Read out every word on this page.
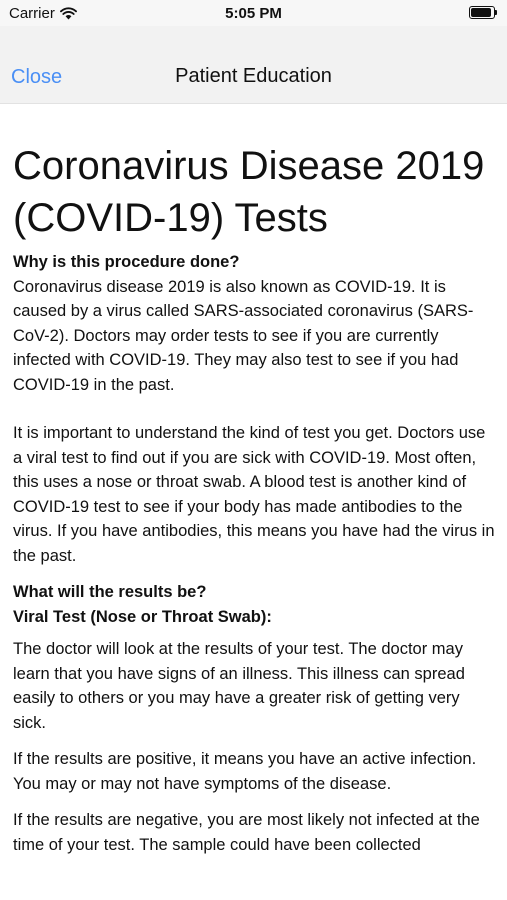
Carrier	5:05 PM
Close	Patient Education
Coronavirus Disease 2019 (COVID-19) Tests

Why is this procedure done?

Coronavirus disease 2019 is also known as COVID-19. It is caused by a virus called SARS-associated coronavirus (SARS-CoV-2). Doctors may order tests to see if you are currently infected with COVID-19. They may also test to see if you had COVID-19 in the past.

It is important to understand the kind of test you get. Doctors use a viral test to find out if you are sick with COVID-19. Most often, this uses a nose or throat swab. A blood test is another kind of COVID-19 test to see if your body has made antibodies to the virus. If you have antibodies, this means you have had the virus in the past.

What will the results be?

Viral Test (Nose or Throat Swab):

The doctor will look at the results of your test. The doctor may learn that you have signs of an illness. This illness can spread easily to others or you may have a greater risk of getting very sick.

If the results are positive, it means you have an active infection. You may or may not have symptoms of the disease.

If the results are negative, you are most likely not infected at the time of your test. The sample could have been collected
